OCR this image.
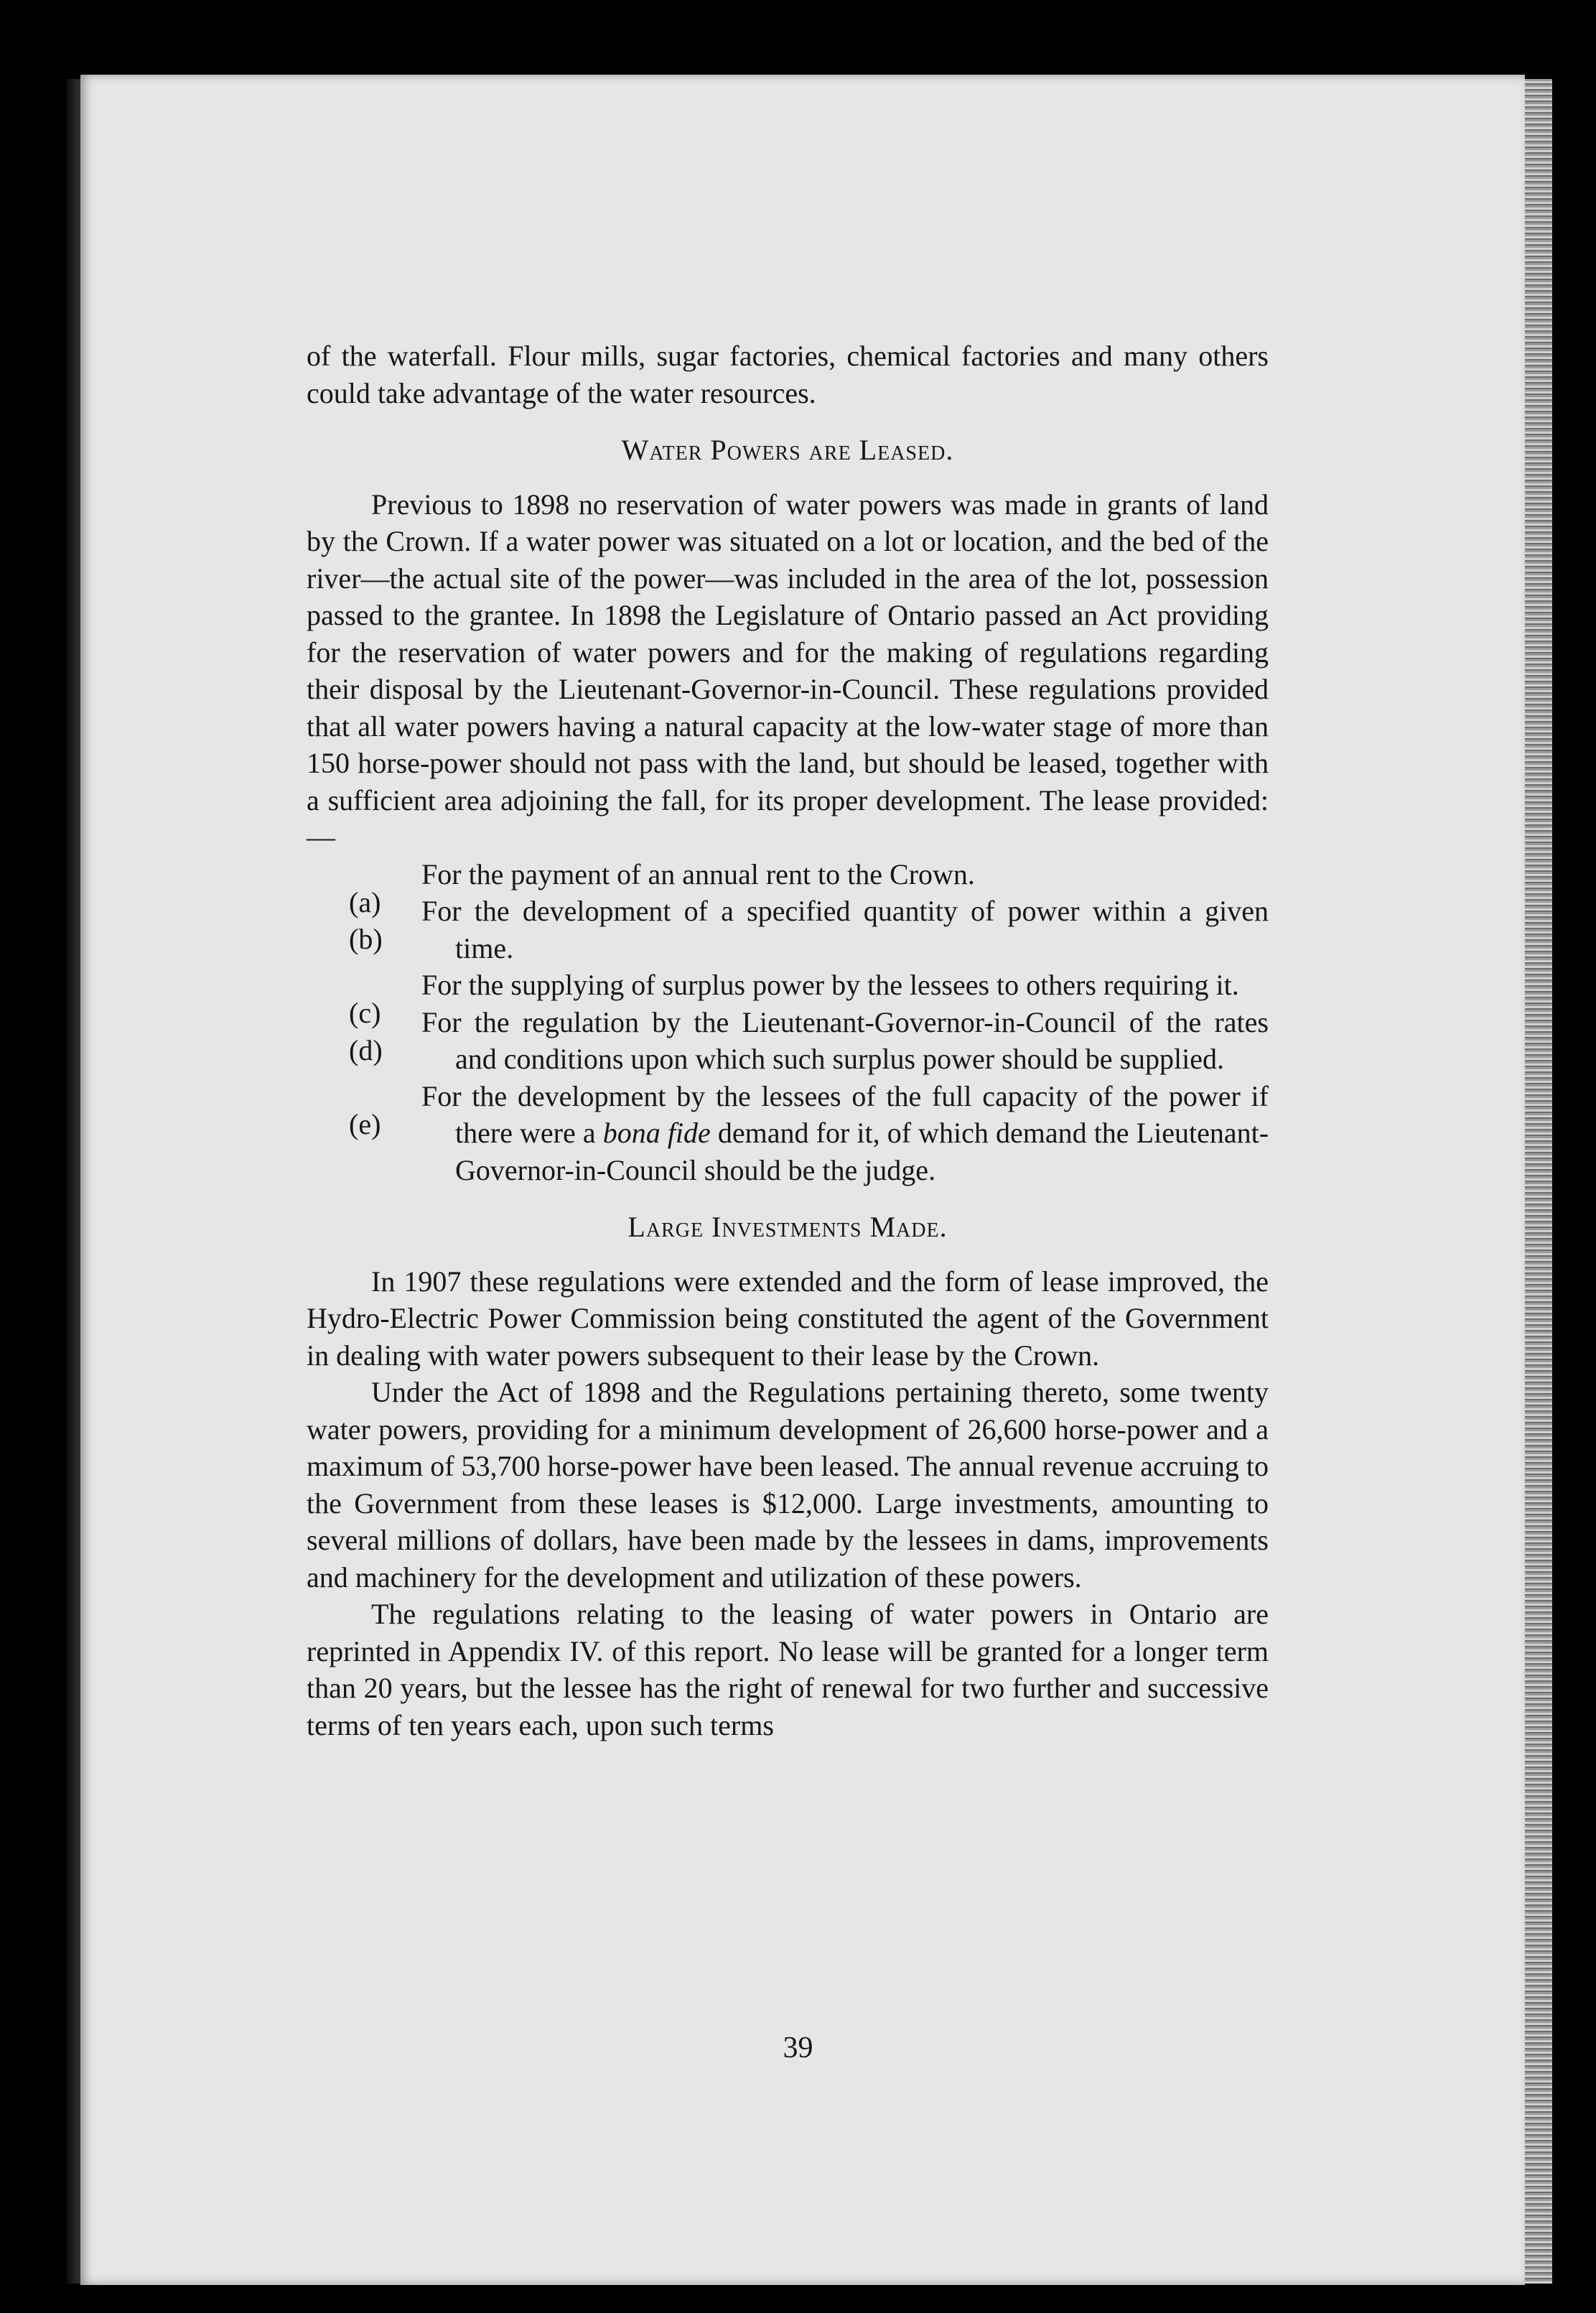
of the waterfall. Flour mills, sugar factories, chemical factories and many others could take advantage of the water resources.

Water Powers are Leased.

Previous to 1898 no reservation of water powers was made in grants of land by the Crown. If a water power was situated on a lot or location, and the bed of the river—the actual site of the power—was included in the area of the lot, possession passed to the grantee. In 1898 the Legislature of Ontario passed an Act providing for the reservation of water powers and for the making of regulations regarding their disposal by the Lieutenant-Governor-in-Council. These regulations provided that all water powers having a natural capacity at the low-water stage of more than 150 horse-power should not pass with the land, but should be leased, together with a sufficient area adjoining the fall, for its proper development. The lease provided:—

(a)
For the payment of an annual rent to the Crown.
(b)
For the development of a specified quantity of power within a given time.
(c)
For the supplying of surplus power by the lessees to others requiring it.
(d)
For the regulation by the Lieutenant-Governor-in-Council of the rates and conditions upon which such surplus power should be supplied.
(e)
For the development by the lessees of the full capacity of the power if there were a bona fide demand for it, of which demand the Lieutenant-Governor-in-Council should be the judge.

Large Investments Made.

In 1907 these regulations were extended and the form of lease improved, the Hydro-Electric Power Commission being constituted the agent of the Government in dealing with water powers subsequent to their lease by the Crown.

Under the Act of 1898 and the Regulations pertaining thereto, some twenty water powers, providing for a minimum development of 26,600 horse-power and a maximum of 53,700 horse-power have been leased. The annual revenue accruing to the Government from these leases is $12,000. Large investments, amounting to several millions of dollars, have been made by the lessees in dams, improvements and machinery for the development and utilization of these powers.

The regulations relating to the leasing of water powers in Ontario are reprinted in Appendix IV. of this report. No lease will be granted for a longer term than 20 years, but the lessee has the right of renewal for two further and successive terms of ten years each, upon such terms

39
